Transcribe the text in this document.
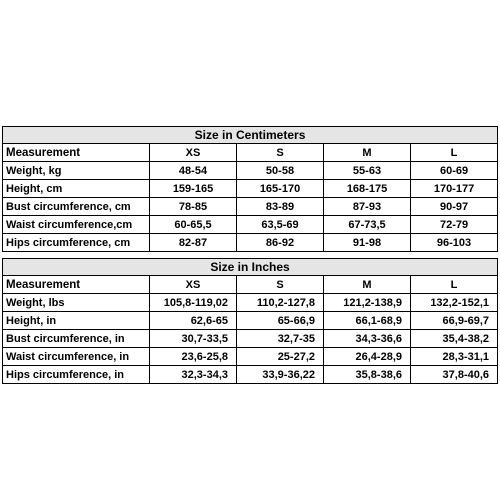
Size in Centimeters				
Measurement	XS	S	M	L
Weight, kg	48-54	50-58	55-63	60-69
Height, cm	159-165	165-170	168-175	170-177
Bust circumference, cm	78-85	83-89	87-93	90-97
Waist circumference,cm	60-65,5	63,5-69	67-73,5	72-79
Hips circumference, cm	82-87	86-92	91-98	96-103
Size in Inches				
Measurement	XS	S	M	L
Weight, lbs	105,8-119,02	110,2-127,8	121,2-138,9	132,2-152,1
Height, in	62,6-65	65-66,9	66,1-68,9	66,9-69,7
Bust circumference, in	30,7-33,5	32,7-35	34,3-36,6	35,4-38,2
Waist circumference, in	23,6-25,8	25-27,2	26,4-28,9	28,3-31,1
Hips circumference, in	32,3-34,3	33,9-36,22	35,8-38,6	37,8-40,6
